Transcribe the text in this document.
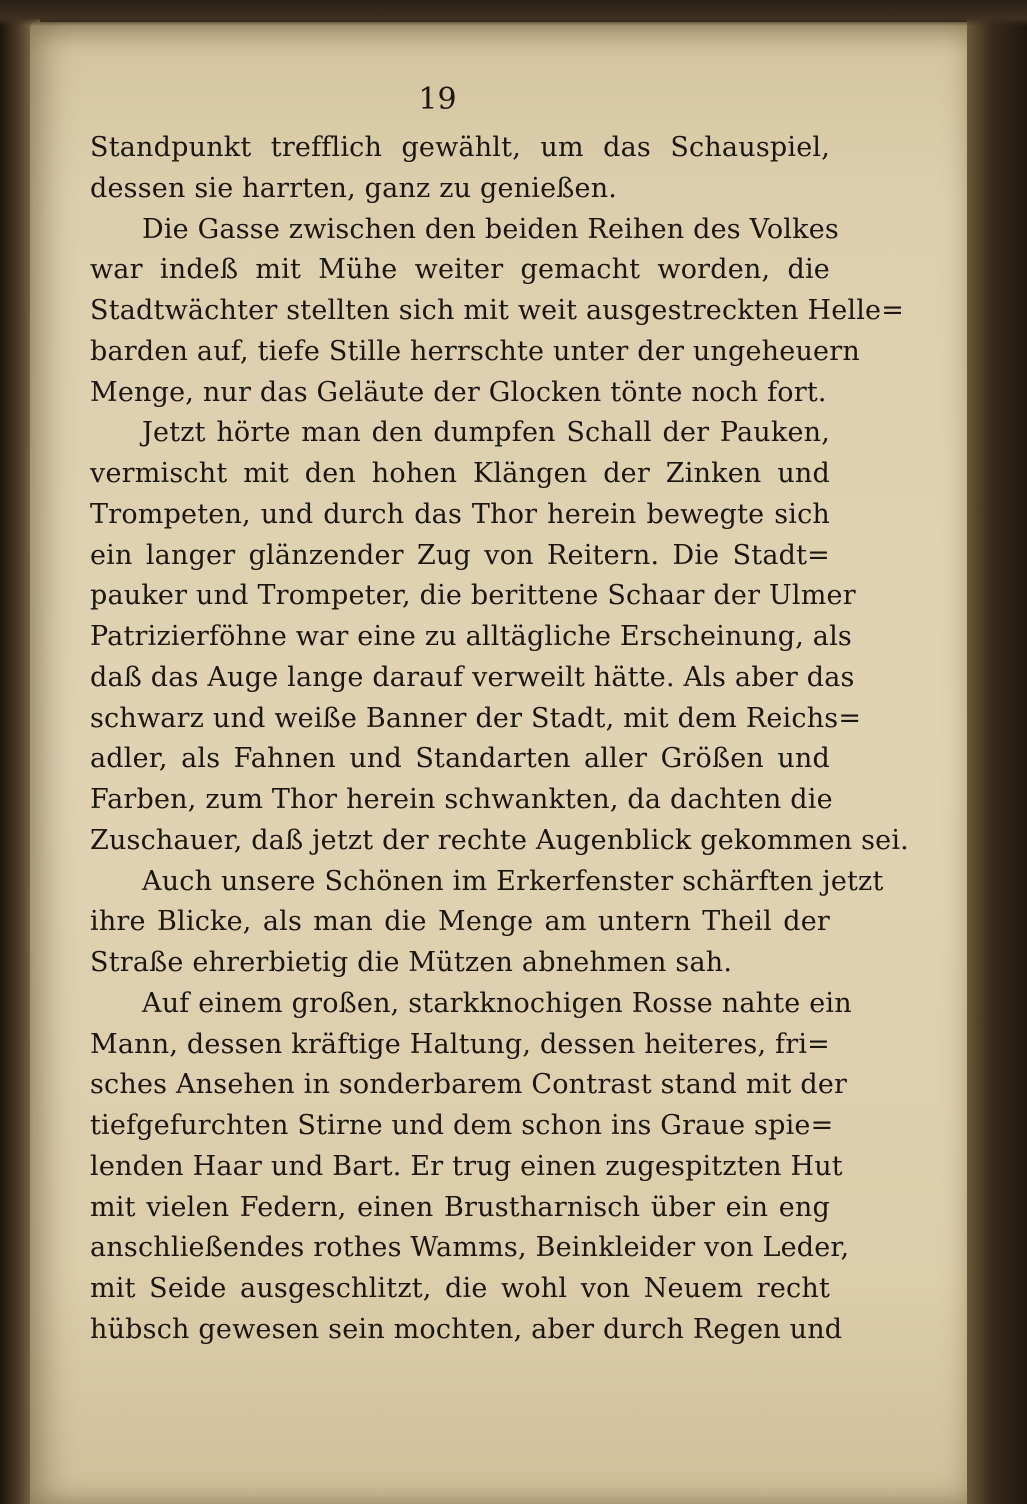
19
Standpunkt trefflich gewählt, um das Schauspiel,
dessen sie harrten, ganz zu genießen.
Die Gasse zwischen den beiden Reihen des Volkes
war indeß mit Mühe weiter gemacht worden, die
Stadtwächter stellten sich mit weit ausgestreckten Helle=
barden auf, tiefe Stille herrschte unter der ungeheuern
Menge, nur das Geläute der Glocken tönte noch fort.
Jetzt hörte man den dumpfen Schall der Pauken,
vermischt mit den hohen Klängen der Zinken und
Trompeten, und durch das Thor herein bewegte sich
ein langer glänzender Zug von Reitern. Die Stadt=
pauker und Trompeter, die berittene Schaar der Ulmer
Patrizierföhne war eine zu alltägliche Erscheinung, als
daß das Auge lange darauf verweilt hätte. Als aber das
schwarz und weiße Banner der Stadt, mit dem Reichs=
adler, als Fahnen und Standarten aller Größen und
Farben, zum Thor herein schwankten, da dachten die
Zuschauer, daß jetzt der rechte Augenblick gekommen sei.
Auch unsere Schönen im Erkerfenster schärften jetzt
ihre Blicke, als man die Menge am untern Theil der
Straße ehrerbietig die Mützen abnehmen sah.
Auf einem großen, starkknochigen Rosse nahte ein
Mann, dessen kräftige Haltung, dessen heiteres, fri=
sches Ansehen in sonderbarem Contrast stand mit der
tiefgefurchten Stirne und dem schon ins Graue spie=
lenden Haar und Bart. Er trug einen zugespitzten Hut
mit vielen Federn, einen Brustharnisch über ein eng
anschließendes rothes Wamms, Beinkleider von Leder,
mit Seide ausgeschlitzt, die wohl von Neuem recht
hübsch gewesen sein mochten, aber durch Regen und
